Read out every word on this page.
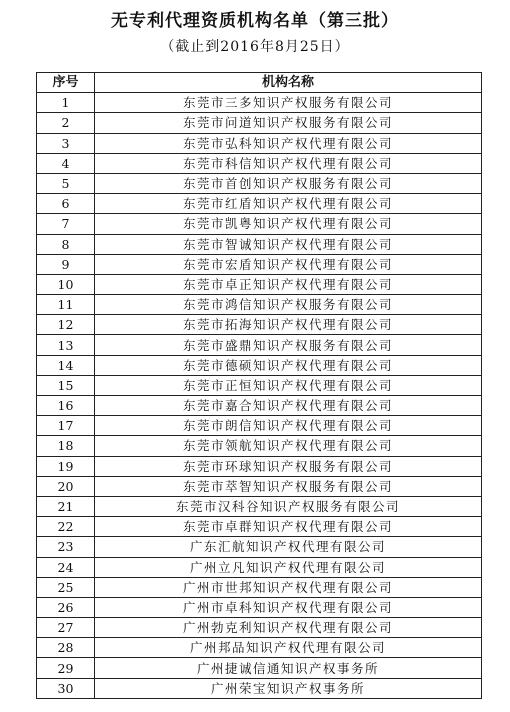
无专利代理资质机构名单（第三批）
（截止到2016年8月25日）
序号	机构名称
1	东莞市三多知识产权服务有限公司
2	东莞市问道知识产权服务有限公司
3	东莞市弘科知识产权代理有限公司
4	东莞市科信知识产权代理有限公司
5	东莞市首创知识产权服务有限公司
6	东莞市红盾知识产权代理有限公司
7	东莞市凯粤知识产权代理有限公司
8	东莞市智诚知识产权代理有限公司
9	东莞市宏盾知识产权代理有限公司
10	东莞市卓正知识产权代理有限公司
11	东莞市鸿信知识产权服务有限公司
12	东莞市拓海知识产权代理有限公司
13	东莞市盛鼎知识产权服务有限公司
14	东莞市德硕知识产权代理有限公司
15	东莞市正恒知识产权代理有限公司
16	东莞市嘉合知识产权代理有限公司
17	东莞市朗信知识产权代理有限公司
18	东莞市领航知识产权代理有限公司
19	东莞市环球知识产权服务有限公司
20	东莞市萃智知识产权服务有限公司
21	东莞市汉科谷知识产权服务有限公司
22	东莞市卓群知识产权代理有限公司
23	广东汇航知识产权代理有限公司
24	广州立凡知识产权代理有限公司
25	广州市世邦知识产权代理有限公司
26	广州市卓科知识产权代理有限公司
27	广州勃克利知识产权代理有限公司
28	广州邦品知识产权代理有限公司
29	广州捷诚信通知识产权事务所
30	广州荣宝知识产权事务所
